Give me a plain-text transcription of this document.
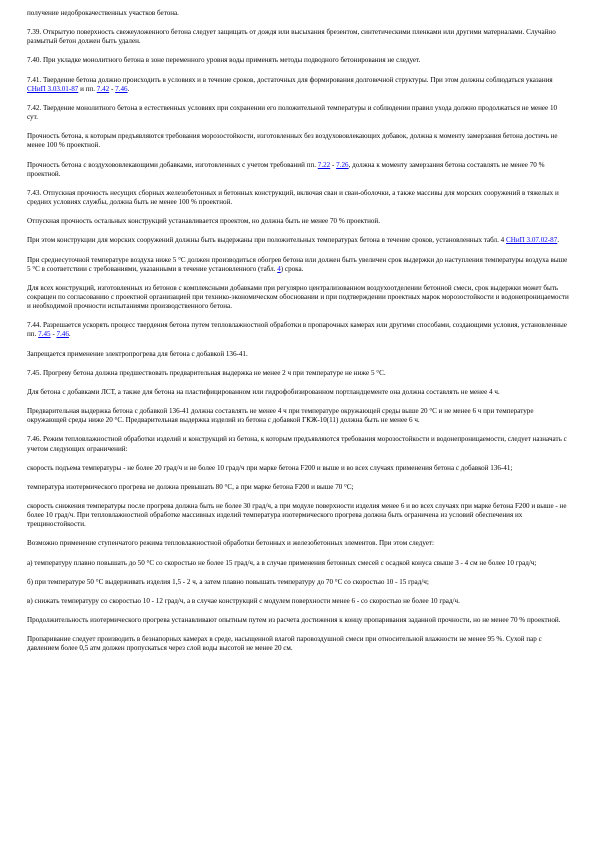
получение недоброкачественных участков бетона.

7.39. Открытую поверхность свежеуложенного бетона следует защищать от дождя или высыхания брезентом, синтетическими пленками или другими материалами. Случайно размытый бетон должен быть удален.

7.40. При укладке монолитного бетона в зоне переменного уровня воды применять методы подводного бетонирования не следует.

7.41. Твердение бетона должно происходить в условиях и в течение сроков, достаточных для формирования долговечной структуры. При этом должны соблюдаться указания СНиП 3.03.01-87 и пп. 7.42 - 7.46.

7.42. Твердение монолитного бетона в естественных условиях при сохранении его положительной температуры и соблюдении правил ухода должно продолжаться не менее 10 сут.

Прочность бетона, к которым предъявляются требования морозостойкости, изготовленных без воздухововлекающих добавок, должна к моменту замерзания бетона достичь не менее 100 % проектной.

Прочность бетона с воздухововлекающими добавками, изготовленных с учетом требований пп. 7.22 - 7.26, должна к моменту замерзания бетона составлять не менее 70 % проектной.

7.43. Отпускная прочность несущих сборных железобетонных и бетонных конструкций, включая сваи и сваи-оболочки, а также массивы для морских сооружений в тяжелых и средних условиях службы, должна быть не менее 100 % проектной.

Отпускная прочность остальных конструкций устанавливается проектом, но должна быть не менее 70 % проектной.

При этом конструкции для морских сооружений должны быть выдержаны при положительных температурах бетона в течение сроков, установленных табл. 4 СНиП 3.07.02-87.

При среднесуточной температуре воздуха ниже 5 °С должен производиться обогрев бетона или должен быть увеличен срок выдержки до наступления температуры воздуха выше 5 °С в соответствии с требованиями, указанными в течение установленного (табл. 4) срока.

Для всех конструкций, изготовленных из бетонов с комплексными добавками при регулярно централизованном воздухоотделении бетонной смеси, срок выдержки может быть сокращен по согласованию с проектной организацией при технико-экономическом обосновании и при подтверждении проектных марок морозостойкости и водонепроницаемости и необходимой прочности испытаниями производственного бетона.

7.44. Разрешается ускорять процесс твердения бетона путем тепловлажностной обработки в пропарочных камерах или другими способами, создающими условия, установленные пп. 7.45 - 7.46.

Запрещается применение электропрогрева для бетона с добавкой 136-41.

7.45. Прогреву бетона должна предшествовать предварительная выдержка не менее 2 ч при температуре не ниже 5 °С.

Для бетона с добавками ЛСТ, а также для бетона на пластифицированном или гидрофобизированном портландцементе она должна составлять не менее 4 ч.

Предварительная выдержка бетона с добавкой 136-41 должна составлять не менее 4 ч при температуре окружающей среды выше 20 °С и не менее 6 ч при температуре окружающей среды ниже 20 °С. Предварительная выдержка изделий из бетона с добавкой ГКЖ-10(11) должна быть не менее 6 ч.

7.46. Режим тепловлажностной обработки изделий и конструкций из бетона, к которым предъявляются требования морозостойкости и водонепроницаемости, следует назначать с учетом следующих ограничений:

скорость подъема температуры - не более 20 град/ч и не более 10 град/ч при марке бетона F200 и выше и во всех случаях применения бетона с добавкой 136-41;

температура изотермического прогрева не должна превышать 80 °С, а при марке бетона F200 и выше 70 °С;

скорость снижения температуры после прогрева должна быть не более 30 град/ч, а при модуле поверхности изделия менее 6 и во всех случаях при марке бетона F200 и выше - не более 10 град/ч. При тепловлажностной обработке массивных изделий температура изотермического прогрева должна быть ограничена из условий обеспечения их трещиностойкости.

Возможно применение ступенчатого режима тепловлажностной обработки бетонных и железобетонных элементов. При этом следует:

а) температуру плавно повышать до 50 °С со скоростью не более 15 град/ч, а в случае применения бетонных смесей с осадкой конуса свыше 3 - 4 см не более 10 град/ч;

б) при температуре 50 °С выдерживать изделия 1,5 - 2 ч, а затем плавно повышать температуру до 70 °С со скоростью 10 - 15 град/ч;

в) снижать температуру со скоростью 10 - 12 град/ч, а в случае конструкций с модулем поверхности менее 6 - со скоростью не более 10 град/ч.

Продолжительность изотермического прогрева устанавливают опытным путем из расчета достижения к концу пропаривания заданной прочности, но не менее 70 % проектной.

Пропаривание следует производить в безнапорных камерах в среде, насыщенной влагой паровоздушной смеси при относительной влажности не менее 95 %. Сухой пар с давлением более 0,5 атм должен пропускаться через слой воды высотой не менее 20 см.
